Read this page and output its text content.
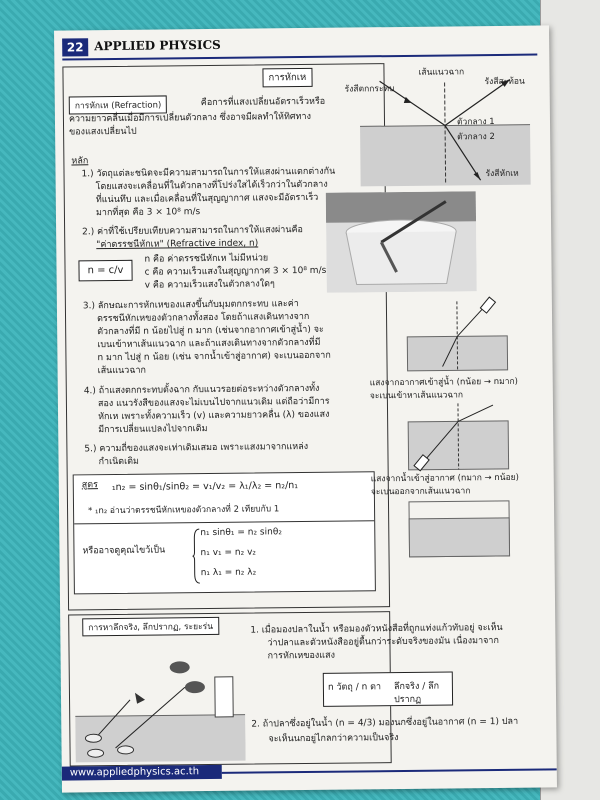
22 APPLIED PHYSICS
การหักเห
การหักเห (Refraction)	คือการที่แสงเปลี่ยนอัตราเร็วหรือ
ความยาวคลื่นเมื่อมีการเปลี่ยนตัวกลาง ซึ่งอาจมีผลทำให้ทิศทาง
ของแสงเปลี่ยนไป
หลัก
1.) วัตถุแต่ละชนิดจะมีความสามารถในการให้แสงผ่านแตกต่างกัน
โดยแสงจะเคลื่อนที่ในตัวกลางที่โปร่งใสได้เร็วกว่าในตัวกลาง
ที่แน่นทึบ และเมื่อเคลื่อนที่ในสุญญากาศ แสงจะมีอัตราเร็ว
มากที่สุด คือ 3 × 10⁸ m/s
2.) ค่าที่ใช้เปรียบเทียบความสามารถในการให้แสงผ่านคือ
"ค่าดรรชนีหักเห" (Refractive index, n)
n = c/v
n คือ ค่าดรรชนีหักเห ไม่มีหน่วย
c คือ ความเร็วแสงในสุญญากาศ 3 × 10⁸ m/s
v คือ ความเร็วแสงในตัวกลางใดๆ
3.) ลักษณะการหักเหของแสงขึ้นกับมุมตกกระทบ และค่า
ดรรชนีหักเหของตัวกลางทั้งสอง โดยถ้าแสงเดินทางจาก
ตัวกลางที่มี n น้อยไปสู่ n มาก (เช่นจากอากาศเข้าสู่น้ำ) จะ
เบนเข้าหาเส้นแนวฉาก และถ้าแสงเดินทางจากตัวกลางที่มี
n มาก ไปสู่ n น้อย (เช่น จากน้ำเข้าสู่อากาศ) จะเบนออกจาก
เส้นแนวฉาก
4.) ถ้าแสงตกกระทบตั้งฉาก กับแนวรอยต่อระหว่างตัวกลางทั้ง
สอง แนวรังสีของแสงจะไม่เบนไปจากแนวเดิม แต่ถือว่ามีการ
หักเห เพราะทั้งความเร็ว (v) และความยาวคลื่น (λ) ของแสง
มีการเปลี่ยนแปลงไปจากเดิม
5.) ความถี่ของแสงจะเท่าเดิมเสมอ เพราะแสงมาจากแหล่ง
กำเนิดเดิม
สูตร ₁n₂ = sinθ₁/sinθ₂ = v₁/v₂ = λ₁/λ₂ = n₂/n₁
* ₁n₂ อ่านว่าดรรชนีหักเหของตัวกลางที่ 2 เทียบกับ 1
หรืออาจดูคุณไขว้เป็น
n₁ sinθ₁ = n₂ sinθ₂
n₁ v₁ = n₂ v₂
n₁ λ₁ = n₂ λ₂
เส้นแนวฉาก
รังสีตกกระทบ
รังสีสะท้อน
ตัวกลาง 1
ตัวกลาง 2
รังสีหักเห
แสงจากอากาศเข้าสู่น้ำ (nน้อย → nมาก)
จะเบนเข้าหาเส้นแนวฉาก
แสงจากน้ำเข้าสู่อากาศ (nมาก → nน้อย)
จะเบนออกจากเส้นแนวฉาก
การหาลึกจริง, ลึกปรากฏ, ระยะร่น	1. เมื่อมองปลาในน้ำ หรือมองตัวหนังสือที่ถูกแท่งแก้วทับอยู่ จะเห็น
ว่าปลาและตัวหนังสืออยู่ตื้นกว่าระดับจริงของมัน เนื่องมาจาก
การหักเหของแสง
n วัตถุ / n ตา ลึกจริง / ลึกปรากฏ
2. ถ้าปลาซึ่งอยู่ในน้ำ (n = 4/3) มองนกซึ่งอยู่ในอากาศ (n = 1) ปลา
จะเห็นนกอยู่ไกลกว่าความเป็นจริง
www.appliedphysics.ac.th
